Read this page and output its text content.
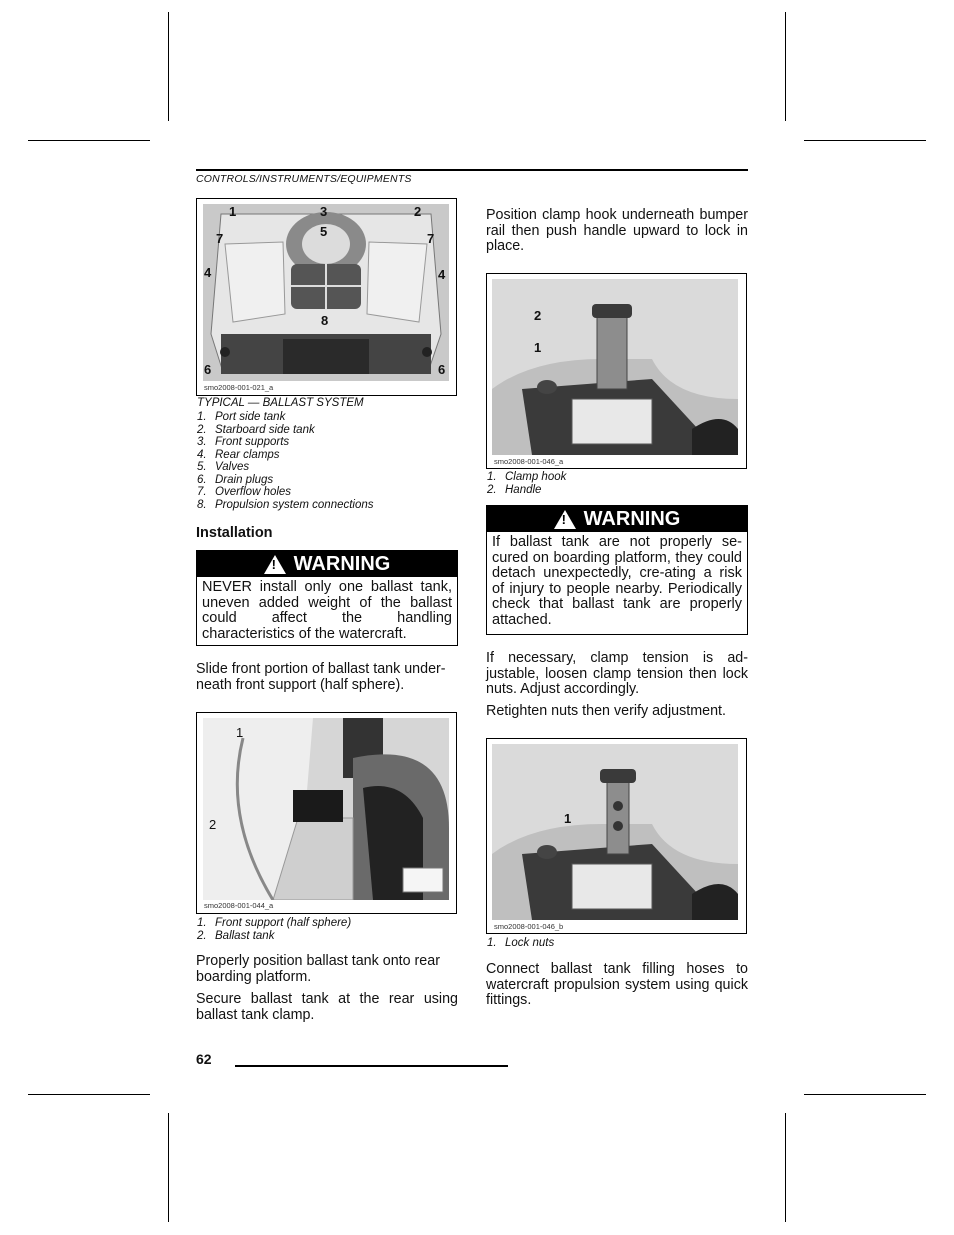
CONTROLS/INSTRUMENTS/EQUIPMENTS
1	3	2
7	5	7
4	4
8
6	6
smo2008-001-021_a
TYPICAL — BALLAST SYSTEM
1. Port side tank
2. Starboard side tank
3. Front supports
4. Rear clamps
5. Valves
6. Drain plugs
7. Overflow holes
8. Propulsion system connections
Installation
! WARNING
NEVER install only one ballast tank, uneven added weight of the ballast could affect the handling characteristics of the watercraft.
Slide front portion of ballast tank under-neath front support (half sphere).
1
2
smo2008-001-044_a
1. Front support (half sphere)
2. Ballast tank
Properly position ballast tank onto rear boarding platform.
Secure ballast tank at the rear using ballast tank clamp.
Position clamp hook underneath bumper rail then push handle upward to lock in place.
2
1
smo2008-001-046_a
1. Clamp hook
2. Handle
! WARNING
If ballast tank are not properly se-cured on boarding platform, they could detach unexpectedly, cre-ating a risk of injury to people nearby. Periodically check that ballast tank are properly attached.
If necessary, clamp tension is ad-justable, loosen clamp tension then lock nuts. Adjust accordingly.
Retighten nuts then verify adjustment.
1
smo2008-001-046_b
1. Lock nuts
Connect ballast tank filling hoses to watercraft propulsion system using quick fittings.
62
